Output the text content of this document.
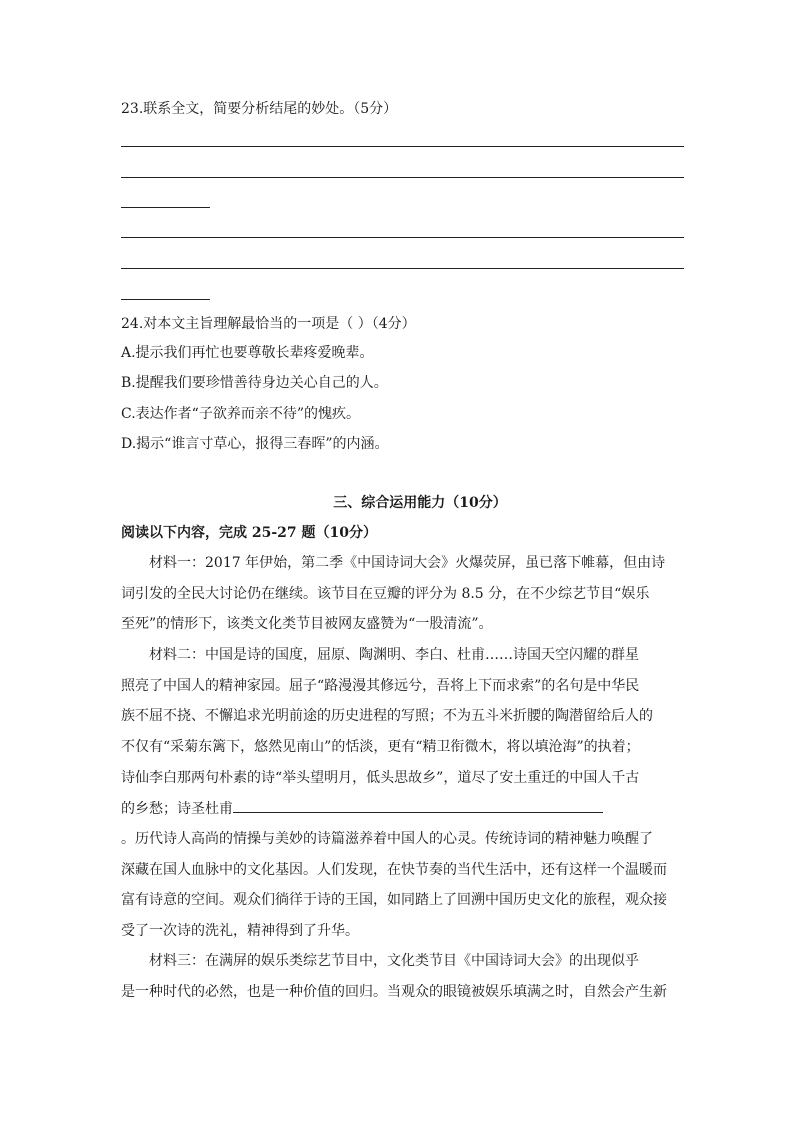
23.联系全文，简要分析结尾的妙处。（5分）
24.对本文主旨理解最恰当的一项是（ ）（4分）
A.提示我们再忙也要尊敬长辈疼爱晚辈。
B.提醒我们要珍惜善待身边关心自己的人。
C.表达作者“子欲养而亲不待”的愧疚。
D.揭示“谁言寸草心，报得三春晖”的内涵。
三、综合运用能力（10分）
阅读以下内容，完成 25-27 题（10分）
材料一：2017 年伊始，第二季《中国诗词大会》火爆荧屏，虽已落下帷幕，但由诗
词引发的全民大讨论仍在继续。该节目在豆瓣的评分为 8.5 分，在不少综艺节目“娱乐
至死”的情形下，该类文化类节目被网友盛赞为“一股清流”。
材料二：中国是诗的国度，屈原、陶渊明、李白、杜甫……诗国天空闪耀的群星
照亮了中国人的精神家园。屈子“路漫漫其修远兮，吾将上下而求索”的名句是中华民
族不屈不挠、不懈追求光明前途的历史进程的写照；不为五斗米折腰的陶潜留给后人的
不仅有“采菊东篱下，悠然见南山”的恬淡，更有“精卫衔微木，将以填沧海”的执着；
诗仙李白那两句朴素的诗“举头望明月，低头思故乡”，道尽了安土重迁的中国人千古
的乡愁；诗圣杜甫
。历代诗人高尚的情操与美妙的诗篇滋养着中国人的心灵。传统诗词的精神魅力唤醒了
深藏在国人血脉中的文化基因。人们发现，在快节奏的当代生活中，还有这样一个温暖而
富有诗意的空间。观众们徜徉于诗的王国，如同踏上了回溯中国历史文化的旅程，观众接
受了一次诗的洗礼，精神得到了升华。
材料三：在满屏的娱乐类综艺节目中，文化类节目《中国诗词大会》的出现似乎
是一种时代的必然，也是一种价值的回归。当观众的眼镜被娱乐填满之时，自然会产生新
